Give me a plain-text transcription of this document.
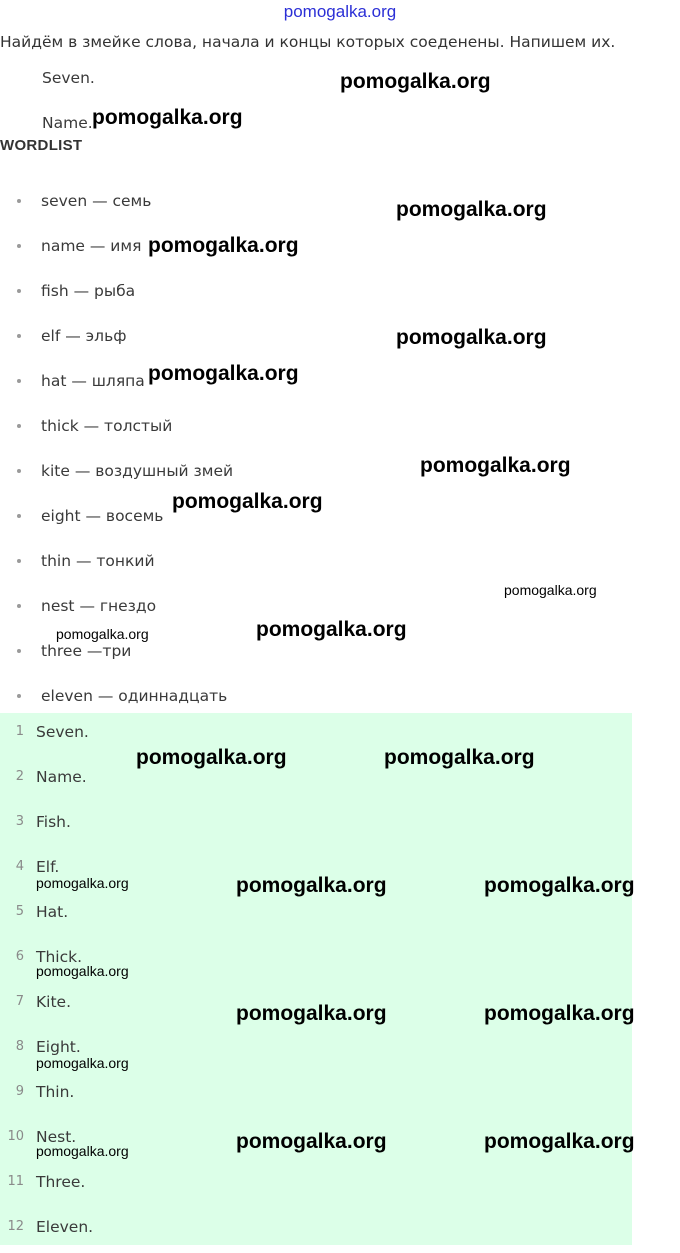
pomogalka.org
Найдём в змейке слова, начала и концы которых соеденены. Напишем их.
Seven.
Name.
WORDLIST
seven — семь
name — имя
fish — рыба
elf — эльф
hat — шляпа
thick — толстый
kite — воздушный змей
eight — восемь
thin — тонкий
nest — гнездо
three —три
eleven — одиннадцать
1 Seven.
2 Name.
3 Fish.
4 Elf.
5 Hat.
6 Thick.
7 Kite.
8 Eight.
9 Thin.
10 Nest.
11 Three.
12 Eleven.
pomogalka.org
pomogalka.org
pomogalka.org
pomogalka.org
pomogalka.org
pomogalka.org
pomogalka.org
pomogalka.org
pomogalka.org
pomogalka.org
pomogalka.org
pomogalka.org	pomogalka.org
pomogalka.org	pomogalka.org	pomogalka.org
pomogalka.org
pomogalka.org	pomogalka.org
pomogalka.org
pomogalka.org	pomogalka.org	pomogalka.org
